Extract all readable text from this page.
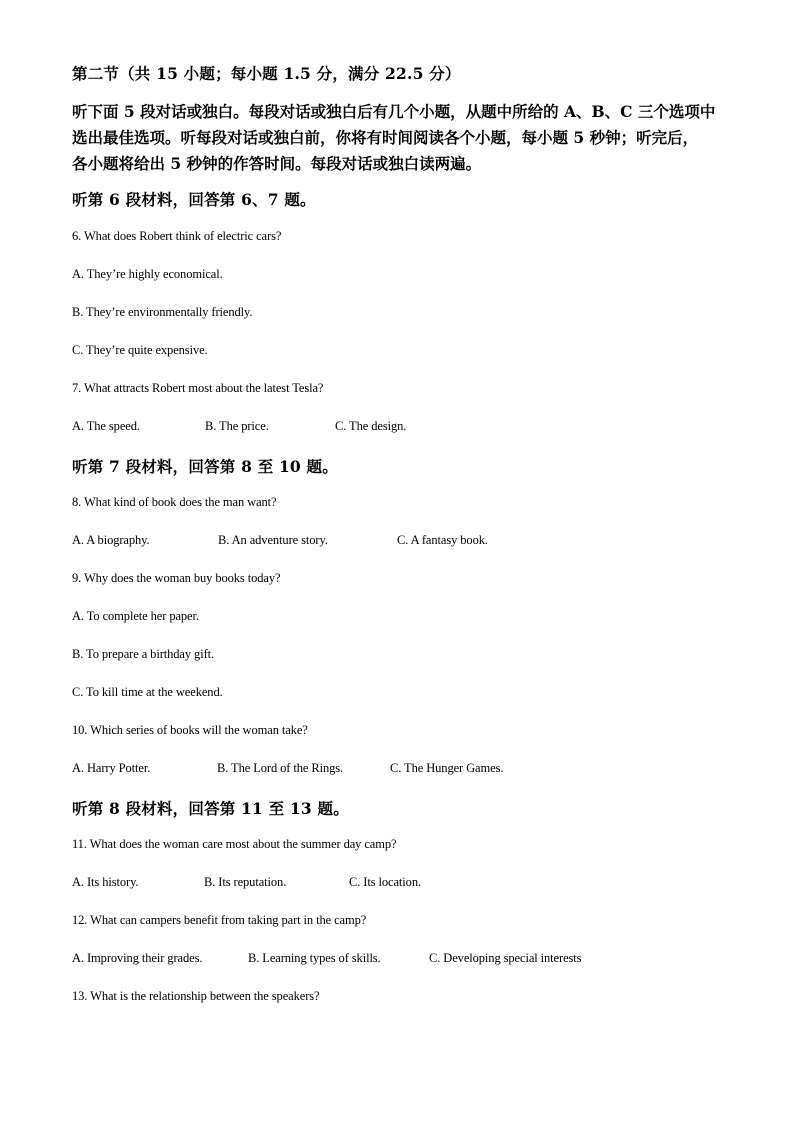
第二节（共 15 小题；每小题 1.5 分，满分 22.5 分）
听下面 5 段对话或独白。每段对话或独白后有几个小题，从题中所给的 A、B、C 三个选项中
选出最佳选项。听每段对话或独白前，你将有时间阅读各个小题，每小题 5 秒钟；听完后，
各小题将给出 5 秒钟的作答时间。每段对话或独白读两遍。
听第 6 段材料，回答第 6、7 题。
6. What does Robert think of electric cars?
A. They’re highly economical.
B. They’re environmentally friendly.
C. They’re quite expensive.
7. What attracts Robert most about the latest Tesla?
A. The speed.	B. The price.	C. The design.
听第 7 段材料，回答第 8 至 10 题。
8. What kind of book does the man want?
A. A biography.	B. An adventure story.	C. A fantasy book.
9. Why does the woman buy books today?
A. To complete her paper.
B. To prepare a birthday gift.
C. To kill time at the weekend.
10. Which series of books will the woman take?
A. Harry Potter.	B. The Lord of the Rings.	C. The Hunger Games.
听第 8 段材料，回答第 11 至 13 题。
11. What does the woman care most about the summer day camp?
A. Its history.	B. Its reputation.	C. Its location.
12. What can campers benefit from taking part in the camp?
A. Improving their grades.	B. Learning types of skills.	C. Developing special interests
13. What is the relationship between the speakers?
